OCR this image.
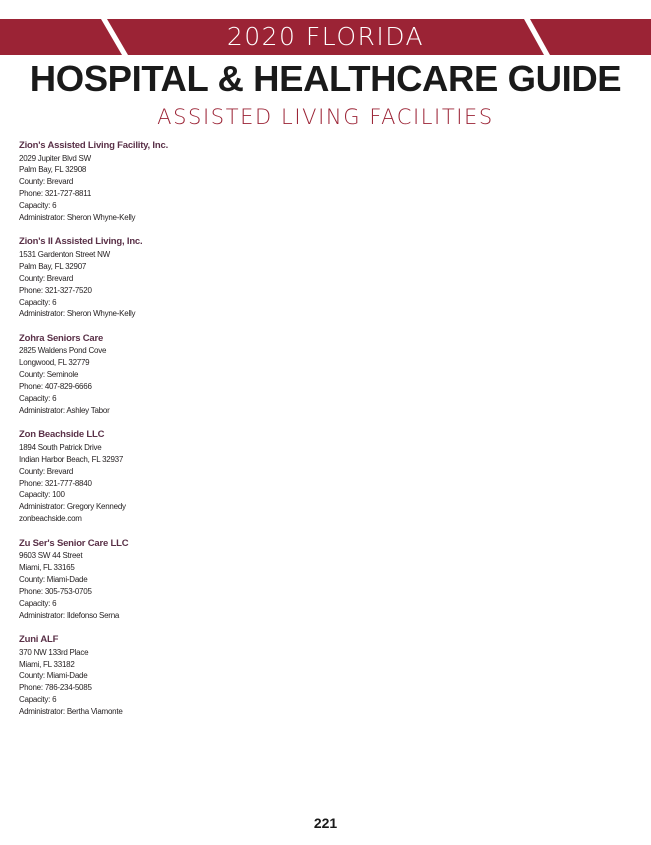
2020 FLORIDA
HOSPITAL & HEALTHCARE GUIDE
ASSISTED LIVING FACILITIES
Zion's Assisted Living Facility, Inc.
2029 Jupiter Blvd SW
Palm Bay, FL 32908
County: Brevard
Phone: 321-727-8811
Capacity: 6
Administrator: Sheron Whyne-Kelly
Zion's II Assisted Living, Inc.
1531 Gardenton Street NW
Palm Bay, FL 32907
County: Brevard
Phone: 321-327-7520
Capacity: 6
Administrator: Sheron Whyne-Kelly
Zohra Seniors Care
2825 Waldens Pond Cove
Longwood, FL 32779
County: Seminole
Phone: 407-829-6666
Capacity: 6
Administrator: Ashley Tabor
Zon Beachside LLC
1894 South Patrick Drive
Indian Harbor Beach, FL 32937
County: Brevard
Phone: 321-777-8840
Capacity: 100
Administrator: Gregory Kennedy
zonbeachside.com
Zu Ser's Senior Care LLC
9603 SW 44 Street
Miami, FL 33165
County: Miami-Dade
Phone: 305-753-0705
Capacity: 6
Administrator: Ildefonso Serna
Zuni ALF
370 NW 133rd Place
Miami, FL 33182
County: Miami-Dade
Phone: 786-234-5085
Capacity: 6
Administrator: Bertha Viamonte
221
